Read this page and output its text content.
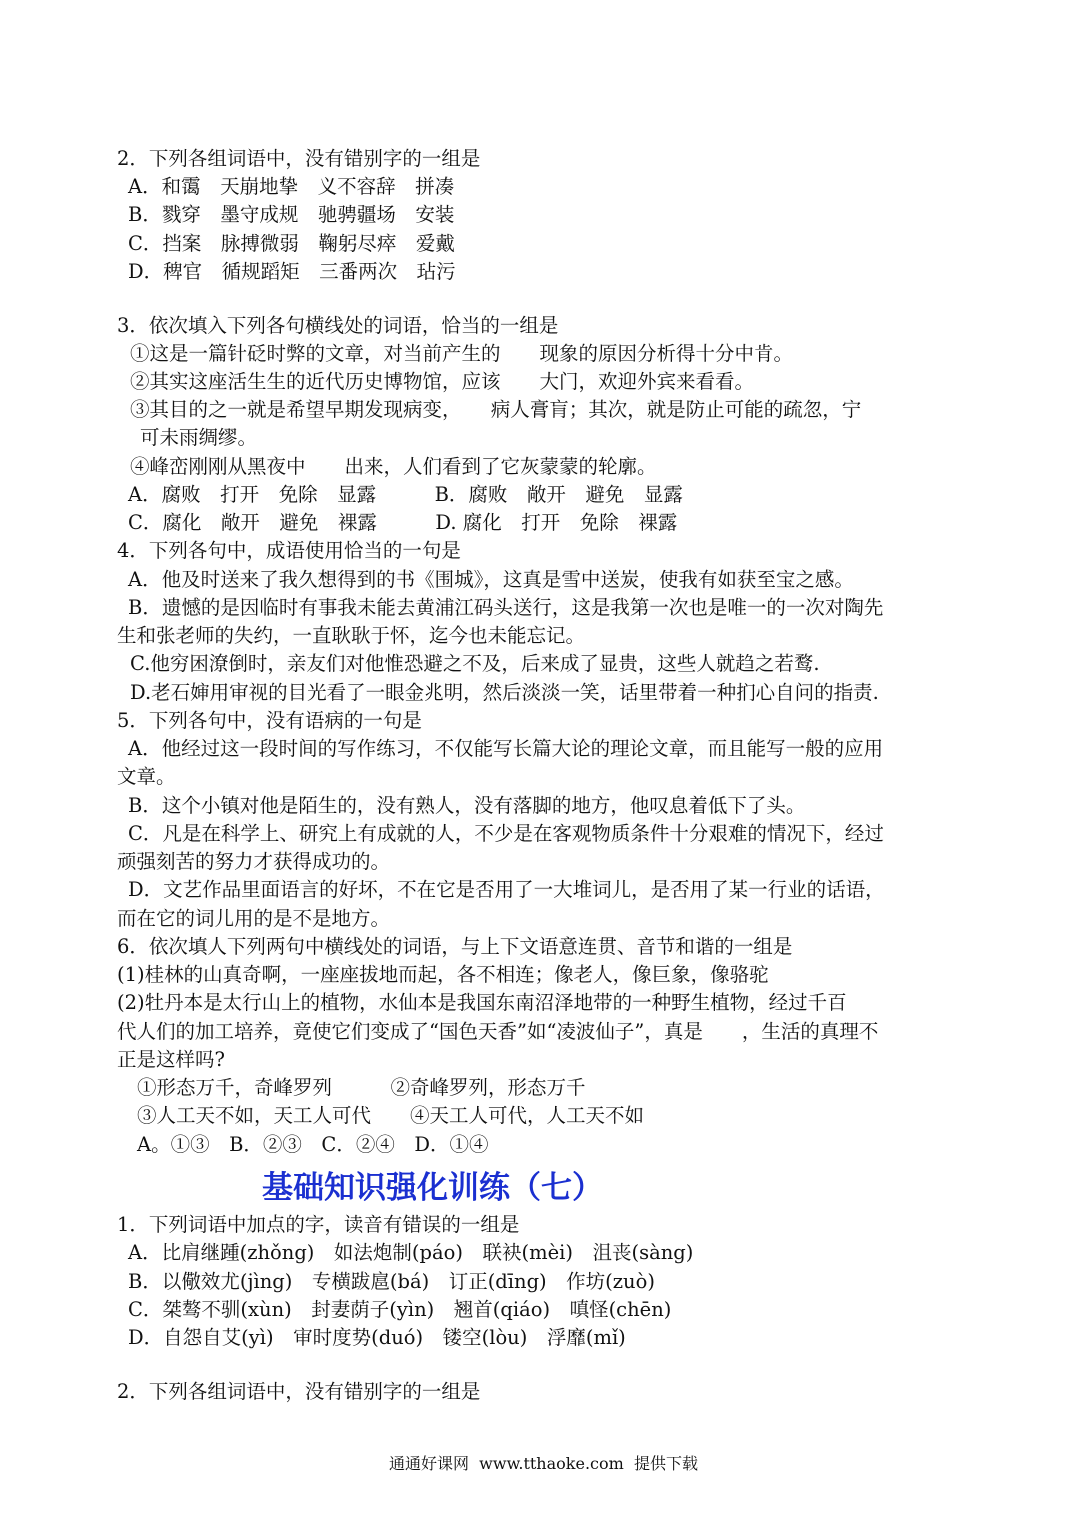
2．下列各组词语中，没有错别字的一组是
A．和霭　天崩地挚　义不容辞　拼凑
B．戮穿　墨守成规　驰骋疆场　安装
C．挡案　脉搏微弱　鞠躬尽瘁　爱戴
D．稗官　循规蹈矩　三番两次　玷污
3．依次填入下列各句横线处的词语，恰当的一组是
①这是一篇针砭时弊的文章，对当前产生的　　现象的原因分析得十分中肯。
②其实这座活生生的近代历史博物馆，应该　　大门，欢迎外宾来看看。
③其目的之一就是希望早期发现病变，　　病人膏肓；其次，就是防止可能的疏忽，宁
可未雨绸缪。
④峰峦刚刚从黑夜中　　出来，人们看到了它灰蒙蒙的轮廓。
A．腐败　打开　免除　显露　　　B．腐败　敞开　避免　显露
C．腐化　敞开　避免　裸露　　　D. 腐化　打开　免除　裸露
4．下列各句中，成语使用恰当的一句是
A．他及时送来了我久想得到的书《围城》，这真是雪中送炭，使我有如获至宝之感。
B．遗憾的是因临时有事我未能去黄浦江码头送行，这是我第一次也是唯一的一次对陶先
生和张老师的失约，一直耿耿于怀，迄今也未能忘记。
C.他穷困潦倒时，亲友们对他惟恐避之不及，后来成了显贵，这些人就趋之若鹜.
D.老石婶用审视的目光看了一眼金兆明，然后淡淡一笑，话里带着一种扪心自问的指责.
5．下列各句中，没有语病的一句是
A．他经过这一段时间的写作练习，不仅能写长篇大论的理论文章，而且能写一般的应用
文章。
B．这个小镇对他是陌生的，没有熟人，没有落脚的地方，他叹息着低下了头。
C．凡是在科学上、研究上有成就的人，不少是在客观物质条件十分艰难的情况下，经过
顽强刻苦的努力才获得成功的。
D．文艺作品里面语言的好坏，不在它是否用了一大堆词儿，是否用了某一行业的话语，
而在它的词儿用的是不是地方。
6．依次填人下列两句中横线处的词语，与上下文语意连贯、音节和谐的一组是
(1)桂林的山真奇啊，一座座拔地而起，各不相连；像老人，像巨象，像骆驼
(2)牡丹本是太行山上的植物，水仙本是我国东南沼泽地带的一种野生植物，经过千百
代人们的加工培养，竟使它们变成了“国色天香”如“凌波仙子”，真是　　，生活的真理不
正是这样吗?
①形态万千，奇峰罗列　　　②奇峰罗列，形态万千
③人工天不如，天工人可代　　④天工人可代，人工天不如
A。①③　B．②③　C．②④　D．①④
1．下列词语中加点的字，读音有错误的一组是
A．比肩继踵(zhǒng)　如法炮制(páo)　联袂(mèi)　沮丧(sàng)
B．以儆效尤(jìng)　专横跋扈(bá)　订正(dīng)　作坊(zuò)
C．桀骜不驯(xùn)　封妻荫子(yìn)　翘首(qiáo)　嗔怪(chēn)
D．自怨自艾(yì)　审时度势(duó)　镂空(lòu)　浮靡(mǐ)
2．下列各组词语中，没有错别字的一组是
基础知识强化训练（七）
通通好课网  www.tthaoke.com  提供下载
